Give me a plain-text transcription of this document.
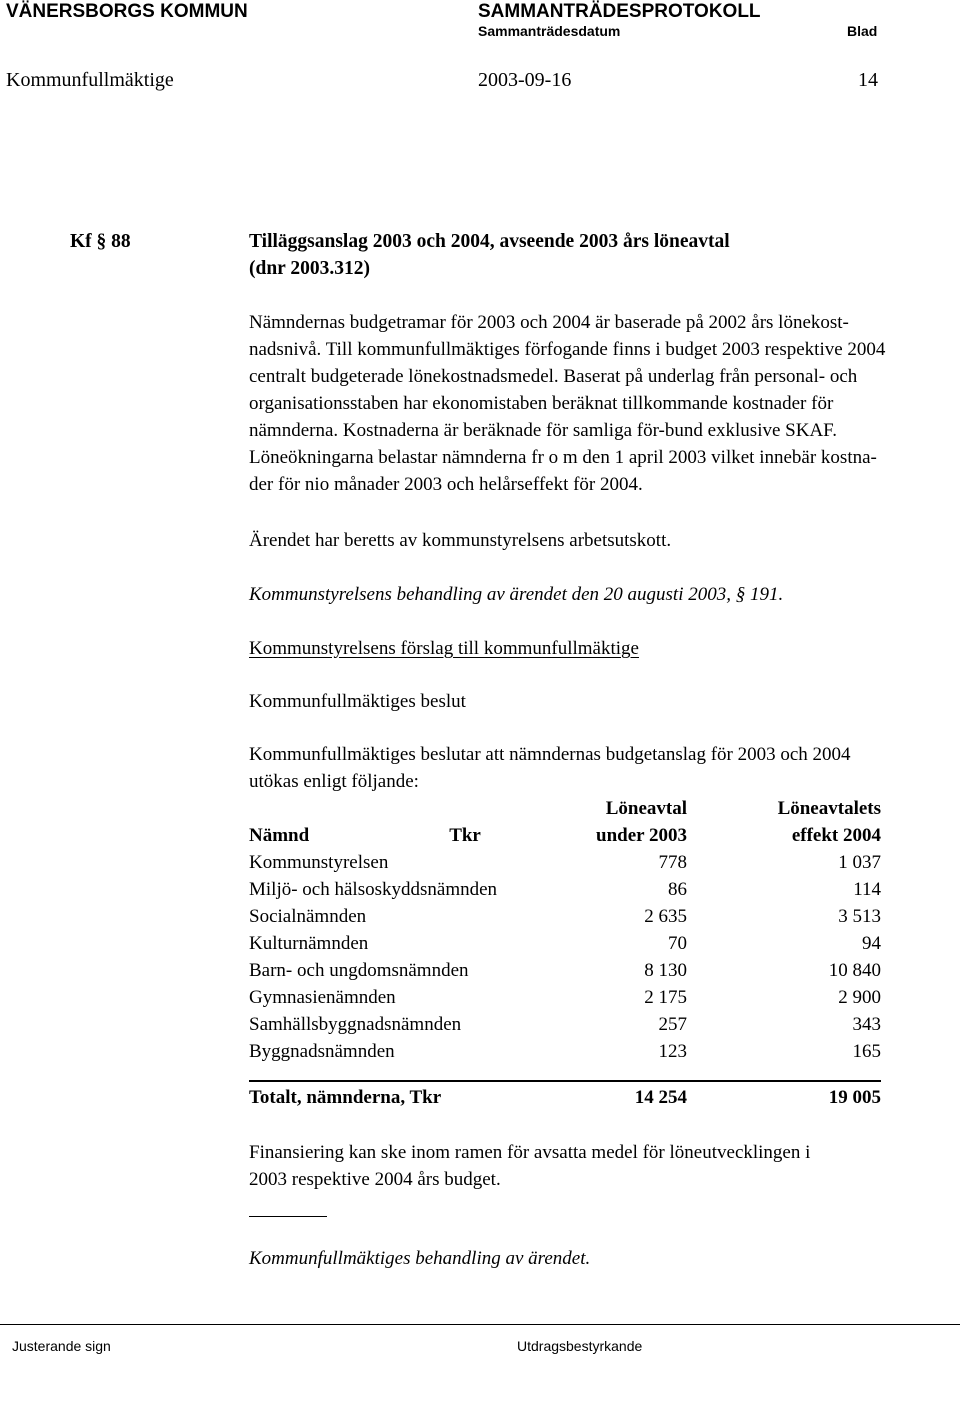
VÄNERSBORGS KOMMUN	SAMMANTRÄDESPROTOKOLL
Sammanträdesdatum	Blad
Kommunfullmäktige	2003-09-16	14
Kf § 88	Tilläggsanslag 2003 och 2004, avseende 2003 års löneavtal
(dnr 2003.312)

Nämndernas budgetramar för 2003 och 2004 är baserade på 2002 års lönekost-

nadsnivå. Till kommunfullmäktiges förfogande finns i budget 2003 respektive 2004

centralt budgeterade lönekostnadsmedel. Baserat på underlag från personal- och

organisationsstaben har ekonomistaben beräknat tillkommande kostnader för

nämnderna. Kostnaderna är beräknade för samliga för-bund exklusive SKAF.

Löneökningarna belastar nämnderna fr o m den 1 april 2003 vilket innebär kostna-

der för nio månader 2003 och helårseffekt för 2004.

Ärendet har beretts av kommunstyrelsens arbetsutskott.
Kommunstyrelsens behandling av ärendet den 20 augusti 2003, § 191.
Kommunstyrelsens förslag till kommunfullmäktige
Kommunfullmäktiges beslut

Kommunfullmäktiges beslutar att nämndernas budgetanslag för 2003 och 2004

utökas enligt följande:

	Löneavtal	Löneavtalets
Nämnd Tkr	under 2003	effekt 2004
Kommunstyrelsen	778	1 037
Miljö- och hälsoskyddsnämnden	86	114
Socialnämnden	2 635	3 513
Kulturnämnden	70	94
Barn- och ungdomsnämnden	8 130	10 840
Gymnasienämnden	2 175	2 900
Samhällsbyggnadsnämnden	257	343
Byggnadsnämnden	123	165
Totalt, nämnderna, Tkr	14 254	19 005

Finansiering kan ske inom ramen för avsatta medel för löneutvecklingen i

2003 respektive 2004 års budget.

Kommunfullmäktiges behandling av ärendet.
Justerande sign	Utdragsbestyrkande
